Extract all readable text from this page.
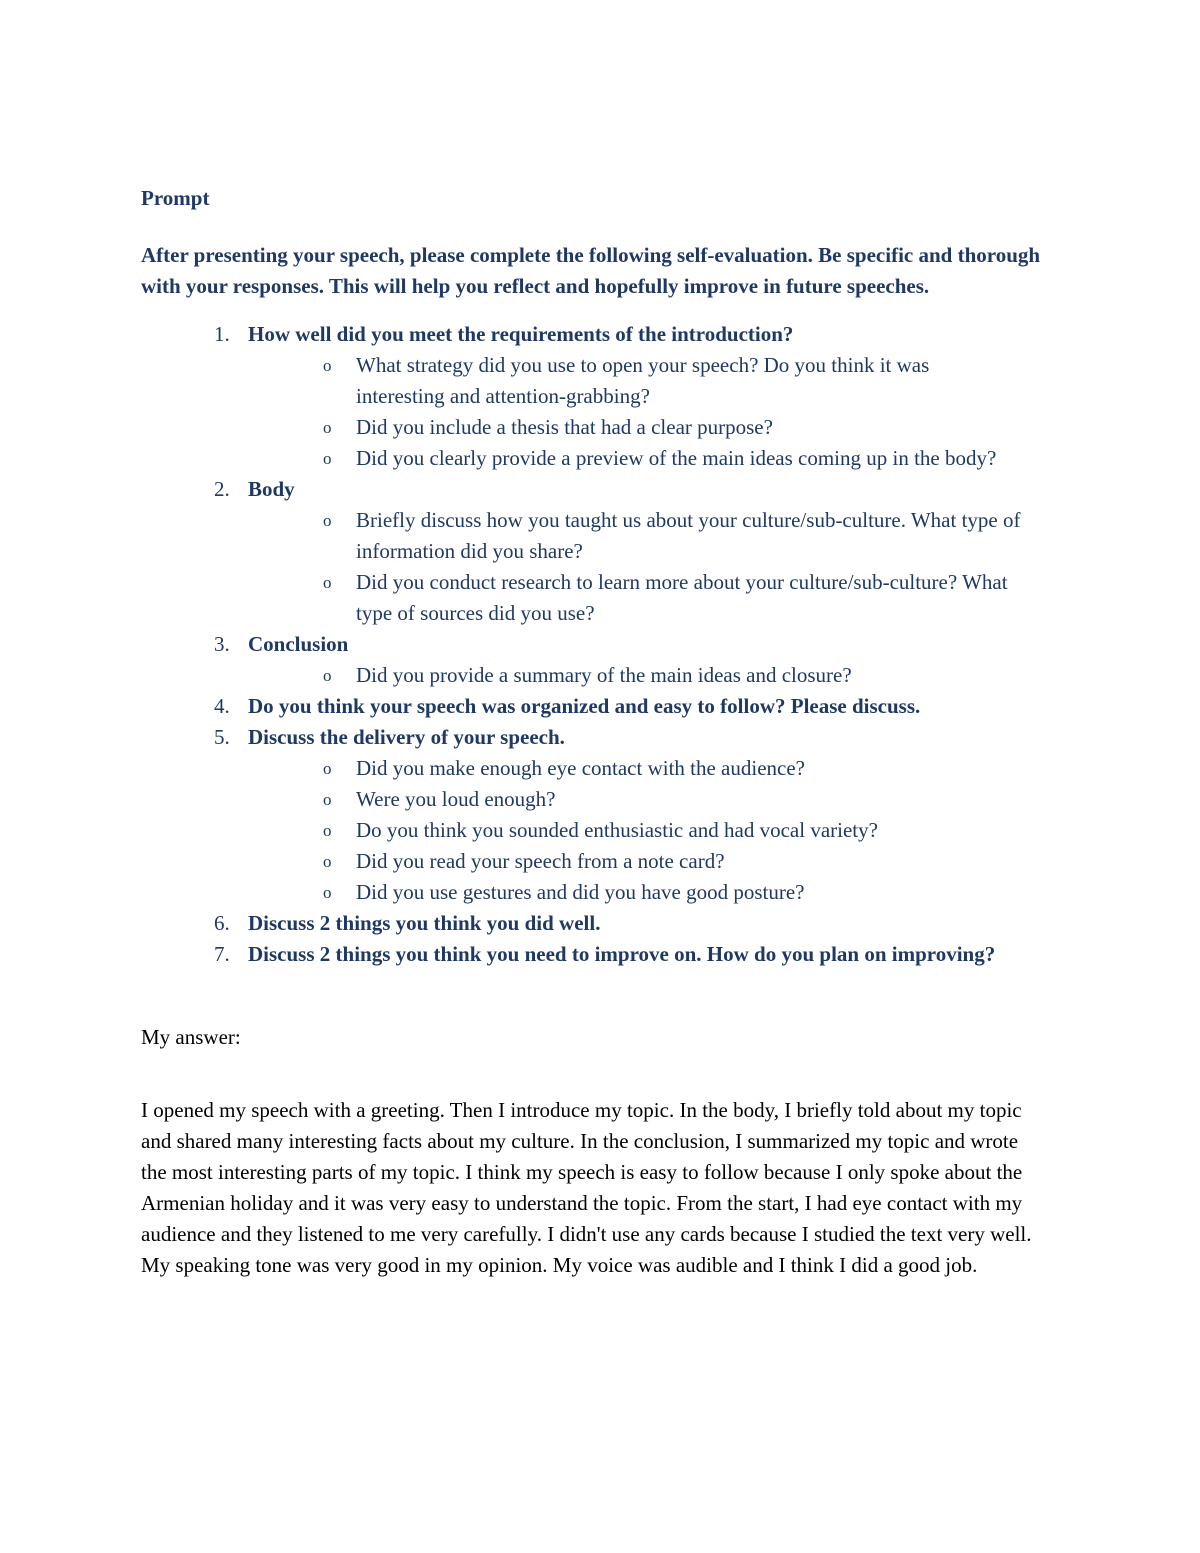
Prompt

After presenting your speech, please complete the following self-evaluation. Be specific and thorough with your responses. This will help you reflect and hopefully improve in future speeches.

1. How well did you meet the requirements of the introduction?
o What strategy did you use to open your speech? Do you think it was interesting and attention-grabbing?
o Did you include a thesis that had a clear purpose?
o Did you clearly provide a preview of the main ideas coming up in the body?
2. Body
o Briefly discuss how you taught us about your culture/sub-culture. What type of information did you share?
o Did you conduct research to learn more about your culture/sub-culture? What type of sources did you use?
3. Conclusion
o Did you provide a summary of the main ideas and closure?
4. Do you think your speech was organized and easy to follow? Please discuss.
5. Discuss the delivery of your speech.
o Did you make enough eye contact with the audience?
o Were you loud enough?
o Do you think you sounded enthusiastic and had vocal variety?
o Did you read your speech from a note card?
o Did you use gestures and did you have good posture?
6. Discuss 2 things you think you did well.
7. Discuss 2 things you think you need to improve on. How do you plan on improving?

My answer:

I opened my speech with a greeting. Then I introduce my topic. In the body, I briefly told about my topic and shared many interesting facts about my culture. In the conclusion, I summarized my topic and wrote the most interesting parts of my topic. I think my speech is easy to follow because I only spoke about the Armenian holiday and it was very easy to understand the topic. From the start, I had eye contact with my audience and they listened to me very carefully. I didn't use any cards because I studied the text very well. My speaking tone was very good in my opinion. My voice was audible and I think I did a good job.
